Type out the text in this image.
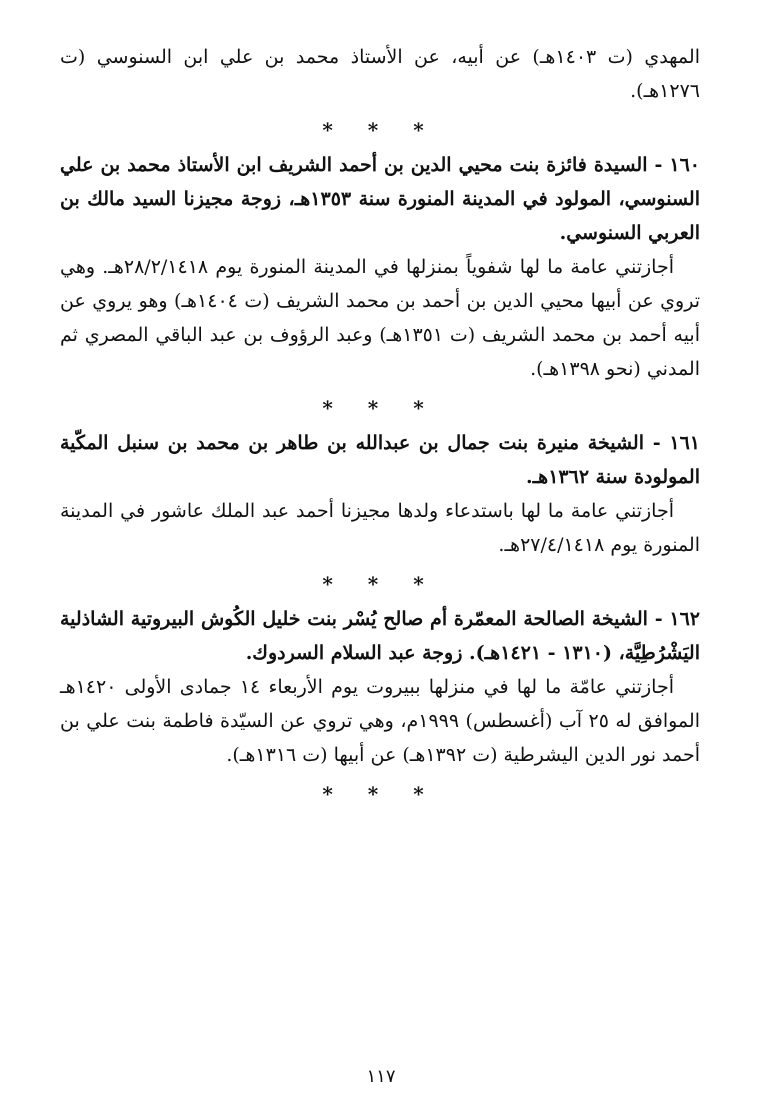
المهدي (ت ١٤٠٣هـ) عن أبيه، عن الأستاذ محمد بن علي ابن السنوسي (ت ١٢٧٦هـ).

* * *

١٦٠ - السيدة فائزة بنت محيي الدين بن أحمد الشريف ابن الأستاذ محمد بن علي السنوسي، المولود في المدينة المنورة سنة ١٣٥٣هـ، زوجة مجيزنا السيد مالك بن العربي السنوسي.

أجازتني عامة ما لها شفوياً بمنزلها في المدينة المنورة يوم ٢٨/٢/١٤١٨هـ. وهي تروي عن أبيها محيي الدين بن أحمد بن محمد الشريف (ت ١٤٠٤هـ) وهو يروي عن أبيه أحمد بن محمد الشريف (ت ١٣٥١هـ) وعبد الرؤوف بن عبد الباقي المصري ثم المدني (نحو ١٣٩٨هـ).

* * *

١٦١ - الشيخة منيرة بنت جمال بن عبدالله بن طاهر بن محمد بن سنبل المكّية المولودة سنة ١٣٦٢هـ.

أجازتني عامة ما لها باستدعاء ولدها مجيزنا أحمد عبد الملك عاشور في المدينة المنورة يوم ٢٧/٤/١٤١٨هـ.

* * *

١٦٢ - الشيخة الصالحة المعمّرة أم صالح يُسْر بنت خليل الكُوش البيروتية الشاذلية اليَشْرُطِيَّة، (١٣١٠ - ١٤٢١هـ). زوجة عبد السلام السردوك.

أجازتني عامّة ما لها في منزلها ببيروت يوم الأربعاء ١٤ جمادى الأولى ١٤٢٠هـ الموافق له ٢٥ آب (أغسطس) ١٩٩٩م، وهي تروي عن السيّدة فاطمة بنت علي بن أحمد نور الدين اليشرطية (ت ١٣٩٢هـ) عن أبيها (ت ١٣١٦هـ).

* * *
١١٧
